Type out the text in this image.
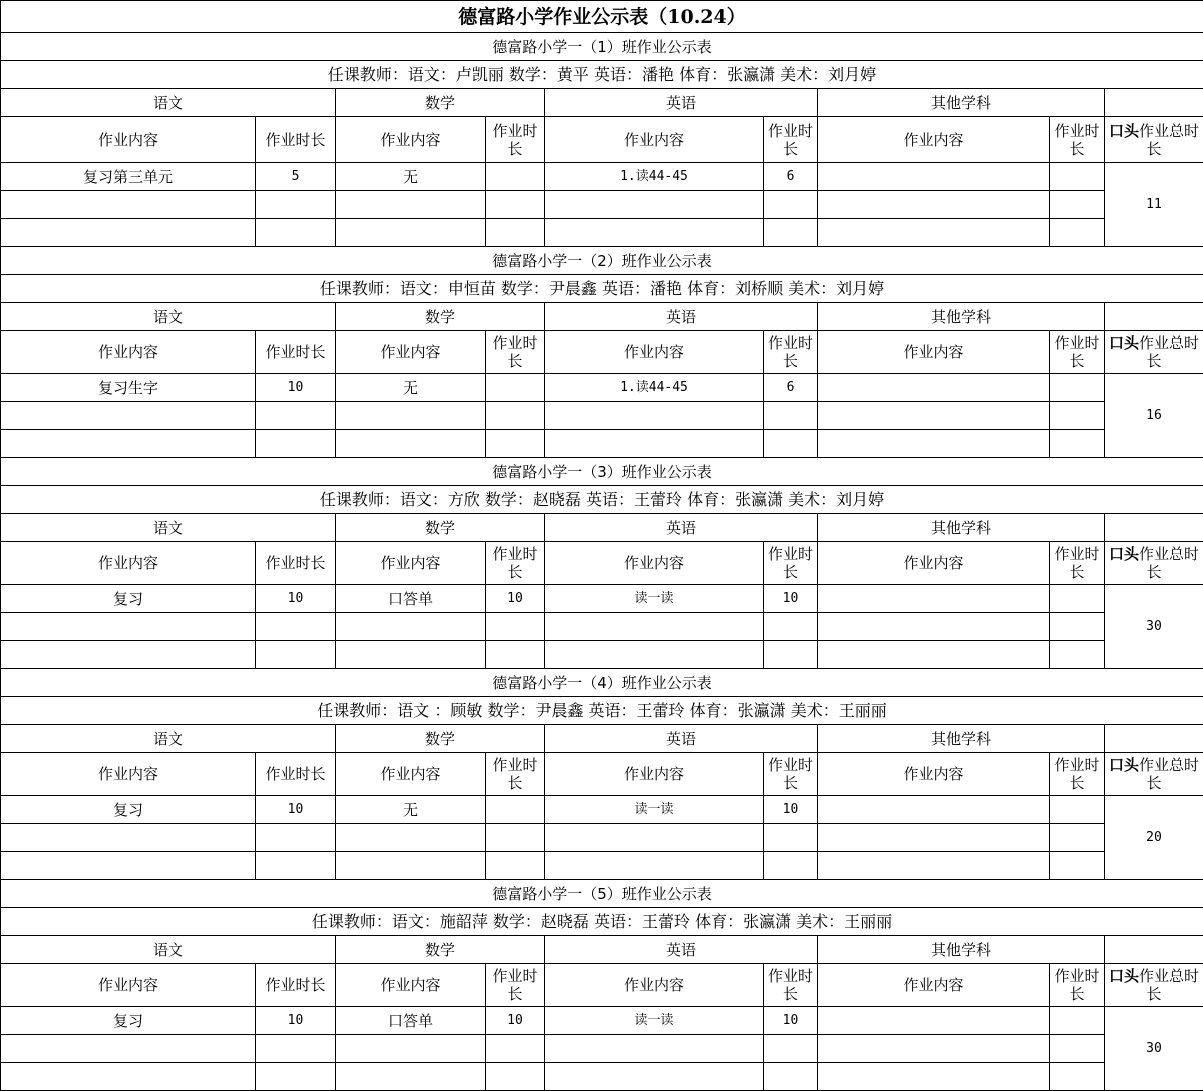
德富路小学作业公示表（10.24）								
德富路小学一（1）班作业公示表								
任课教师：语文：卢凯丽 数学：黄平 英语：潘艳 体育：张瀛潇 美术：刘月婷								
语文		数学		英语		其他学科		
作业内容	作业时长	作业内容	作业时长	作业内容	作业时长	作业内容	作业时长	口头作业总时长
复习第三单元	5	无		1.读44-45	6			11

德富路小学一（2）班作业公示表								
任课教师：语文：申恒苗 数学：尹晨鑫 英语：潘艳 体育：刘桥顺 美术：刘月婷								
语文		数学		英语		其他学科		
作业内容	作业时长	作业内容	作业时长	作业内容	作业时长	作业内容	作业时长	口头作业总时长
复习生字	10	无		1.读44-45	6			16

德富路小学一（3）班作业公示表								
任课教师：语文：方欣 数学：赵晓磊 英语：王蕾玲 体育：张瀛潇 美术：刘月婷								
语文		数学		英语		其他学科		
作业内容	作业时长	作业内容	作业时长	作业内容	作业时长	作业内容	作业时长	口头作业总时长
复习	10	口答单	10	读一读	10			30

德富路小学一（4）班作业公示表								
任课教师：语文 ：顾敏 数学：尹晨鑫 英语：王蕾玲 体育：张瀛潇 美术：王丽丽								
语文		数学		英语		其他学科		
作业内容	作业时长	作业内容	作业时长	作业内容	作业时长	作业内容	作业时长	口头作业总时长
复习	10	无		读一读	10			20

德富路小学一（5）班作业公示表								
任课教师：语文：施韶萍 数学：赵晓磊 英语：王蕾玲 体育：张瀛潇 美术：王丽丽								
语文		数学		英语		其他学科		
作业内容	作业时长	作业内容	作业时长	作业内容	作业时长	作业内容	作业时长	口头作业总时长
复习	10	口答单	10	读一读	10			30
